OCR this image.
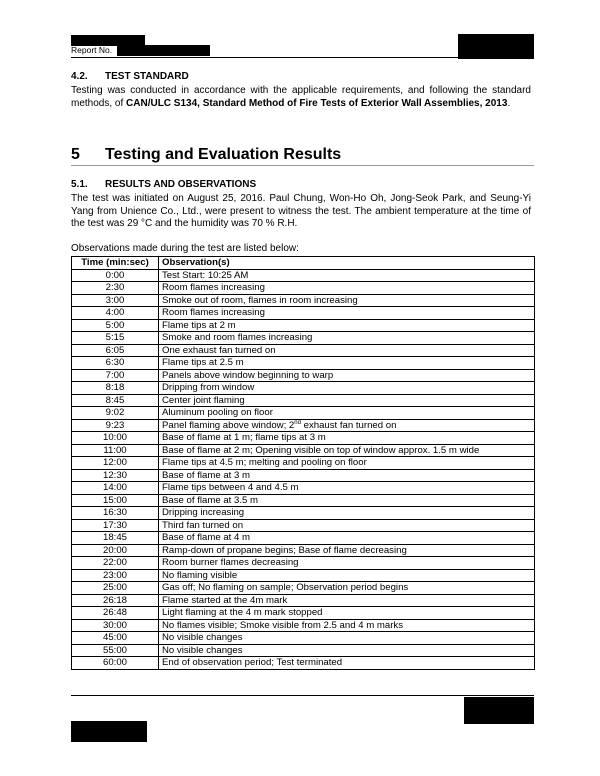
Report No.
4.2. TEST STANDARD
Testing was conducted in accordance with the applicable requirements, and following the standard methods, of CAN/ULC S134, Standard Method of Fire Tests of Exterior Wall Assemblies, 2013.
5 Testing and Evaluation Results
5.1. RESULTS AND OBSERVATIONS
The test was initiated on August 25, 2016. Paul Chung, Won-Ho Oh, Jong-Seok Park, and Seung-Yi Yang from Unience Co., Ltd., were present to witness the test. The ambient temperature at the time of the test was 29 °C and the humidity was 70 % R.H.
Observations made during the test are listed below:
Time (min:sec)	Observation(s)
0:00	Test Start: 10:25 AM
2:30	Room flames increasing
3:00	Smoke out of room, flames in room increasing
4:00	Room flames increasing
5:00	Flame tips at 2 m
5:15	Smoke and room flames increasing
6:05	One exhaust fan turned on
6:30	Flame tips at 2.5 m
7:00	Panels above window beginning to warp
8:18	Dripping from window
8:45	Center joint flaming
9:02	Aluminum pooling on floor
9:23	Panel flaming above window; 2nd exhaust fan turned on
10:00	Base of flame at 1 m; flame tips at 3 m
11:00	Base of flame at 2 m; Opening visible on top of window approx. 1.5 m wide
12:00	Flame tips at 4.5 m; melting and pooling on floor
12:30	Base of flame at 3 m
14:00	Flame tips between 4 and 4.5 m
15:00	Base of flame at 3.5 m
16:30	Dripping increasing
17:30	Third fan turned on
18:45	Base of flame at 4 m
20:00	Ramp-down of propane begins; Base of flame decreasing
22:00	Room burner flames decreasing
23:00	No flaming visible
25:00	Gas off; No flaming on sample; Observation period begins
26:18	Flame started at the 4m mark
26:48	Light flaming at the 4 m mark stopped
30:00	No flames visible; Smoke visible from 2.5 and 4 m marks
45:00	No visible changes
55:00	No visible changes
60:00	End of observation period; Test terminated
